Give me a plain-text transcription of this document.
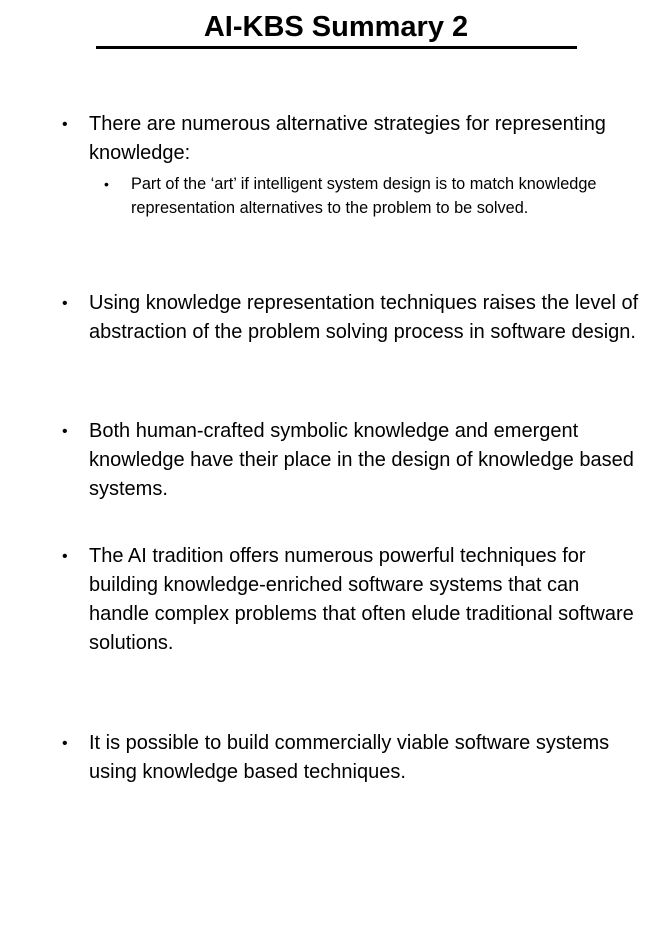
AI-KBS Summary 2
• There are numerous alternative strategies for representing knowledge:
• Part of the ‘art’ if intelligent system design is to match knowledge representation alternatives to the problem to be solved.
• Using knowledge representation techniques raises the level of abstraction of the problem solving process in software design.
• Both human-crafted symbolic knowledge and emergent knowledge have their place in the design of knowledge based systems.
• The AI tradition offers numerous powerful techniques for building knowledge-enriched software systems that can handle complex problems that often elude traditional software solutions.
• It is possible to build commercially viable software systems using knowledge based techniques.
